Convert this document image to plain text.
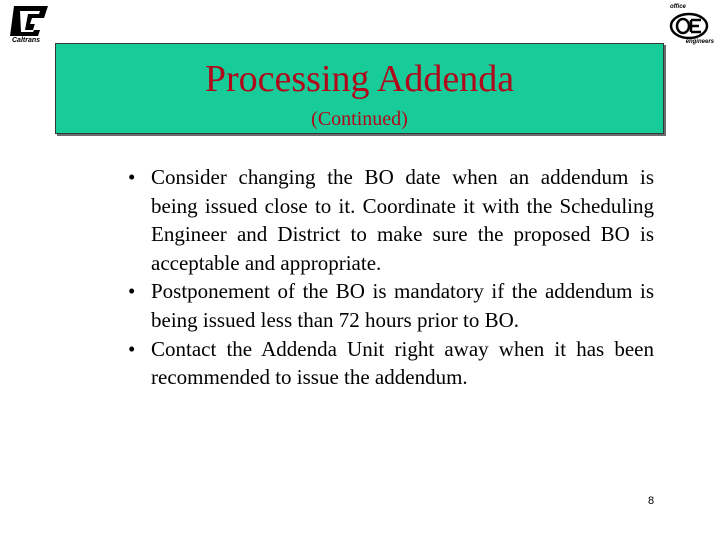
Caltrans
office
engineers
Processing Addenda
(Continued)
• Consider changing the BO date when an addendum is being issued close to it. Coordinate it with the Scheduling Engineer and District to make sure the proposed BO is acceptable and appropriate.
• Postponement of the BO is mandatory if the addendum is being issued less than 72 hours prior to BO.
• Contact the Addenda Unit right away when it has been recommended to issue the addendum.
8
